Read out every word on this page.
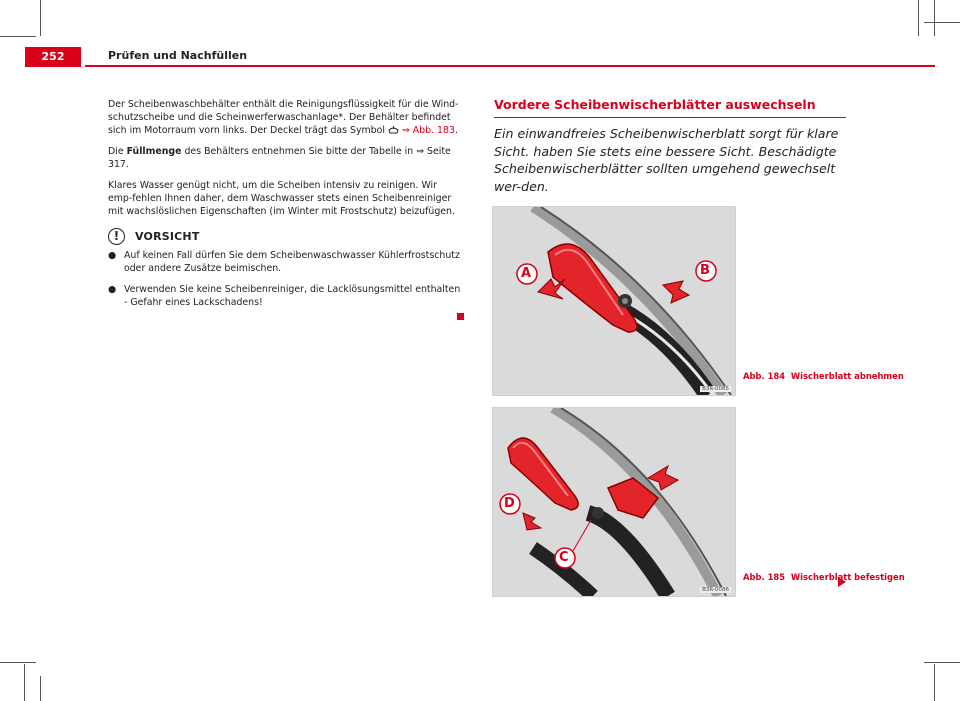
252	Prüfen und Nachfüllen

Der Scheibenwaschbehälter enthält die Reinigungsflüssigkeit für die Wind-schutzscheibe und die Scheinwerferwaschanlage*. Der Behälter befindet sich im Motorraum vorn links. Der Deckel trägt das Symbol ⇒ Abb. 183.

Die Füllmenge des Behälters entnehmen Sie bitte der Tabelle in ⇒ Seite 317.

Klares Wasser genügt nicht, um die Scheiben intensiv zu reinigen. Wir emp-fehlen Ihnen daher, dem Waschwasser stets einen Scheibenreiniger mit wachslöslichen Eigenschaften (im Winter mit Frostschutz) beizufügen.

!	VORSICHT

● Auf keinen Fall dürfen Sie dem Scheibenwaschwasser Kühlerfrostschutz oder andere Zusätze beimischen.

● Verwenden Sie keine Scheibenreiniger, die Lacklösungsmittel enthalten - Gefahr eines Lackschadens!

Vordere Scheibenwischerblätter auswechseln
Ein einwandfreies Scheibenwischerblatt sorgt für klare Sicht. haben Sie stets eine bessere Sicht. Beschädigte Scheibenwischerblätter sollten umgehend gewechselt wer-den.
A	B
B3R-0085
Abb. 184 Wischerblatt abnehmen
D
C
B3R-0086
Abb. 185 Wischerblatt befestigen
